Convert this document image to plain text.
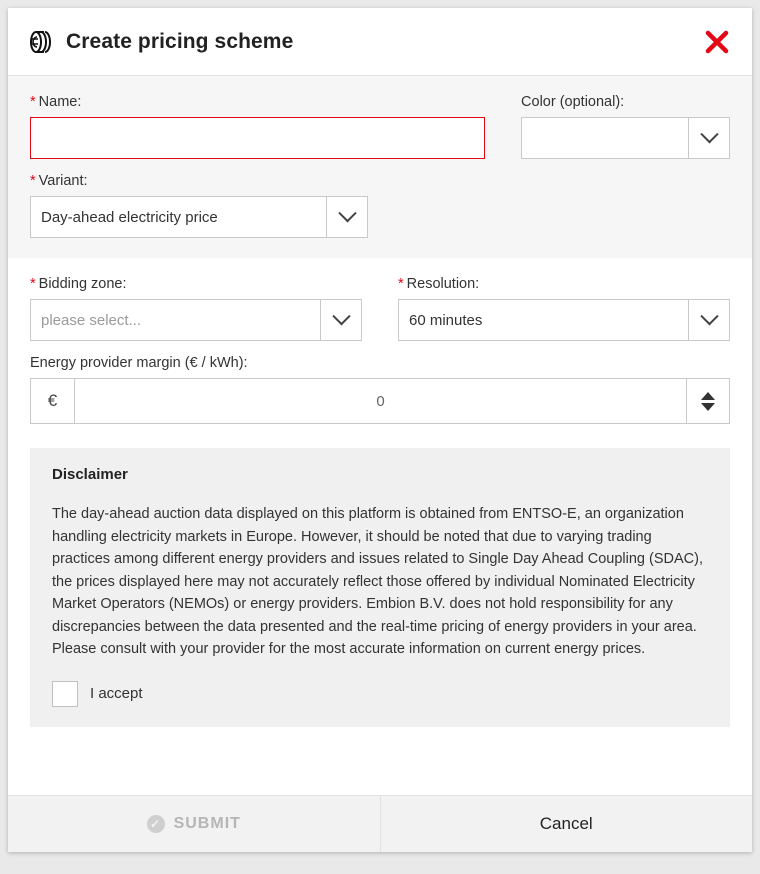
Create pricing scheme
* Name:	Color (optional):
* Variant:
Day-ahead electricity price
* Bidding zone:
please select...
* Resolution:
60 minutes
Energy provider margin (€ / kWh):
€
0
Disclaimer
The day-ahead auction data displayed on this platform is obtained from ENTSO-E, an organization handling electricity markets in Europe. However, it should be noted that due to varying trading practices among different energy providers and issues related to Single Day Ahead Coupling (SDAC), the prices displayed here may not accurately reflect those offered by individual Nominated Electricity Market Operators (NEMOs) or energy providers. Embion B.V. does not hold responsibility for any discrepancies between the data presented and the real-time pricing of energy providers in your area. Please consult with your provider for the most accurate information on current energy prices.
I accept
✓ SUBMIT	Cancel
